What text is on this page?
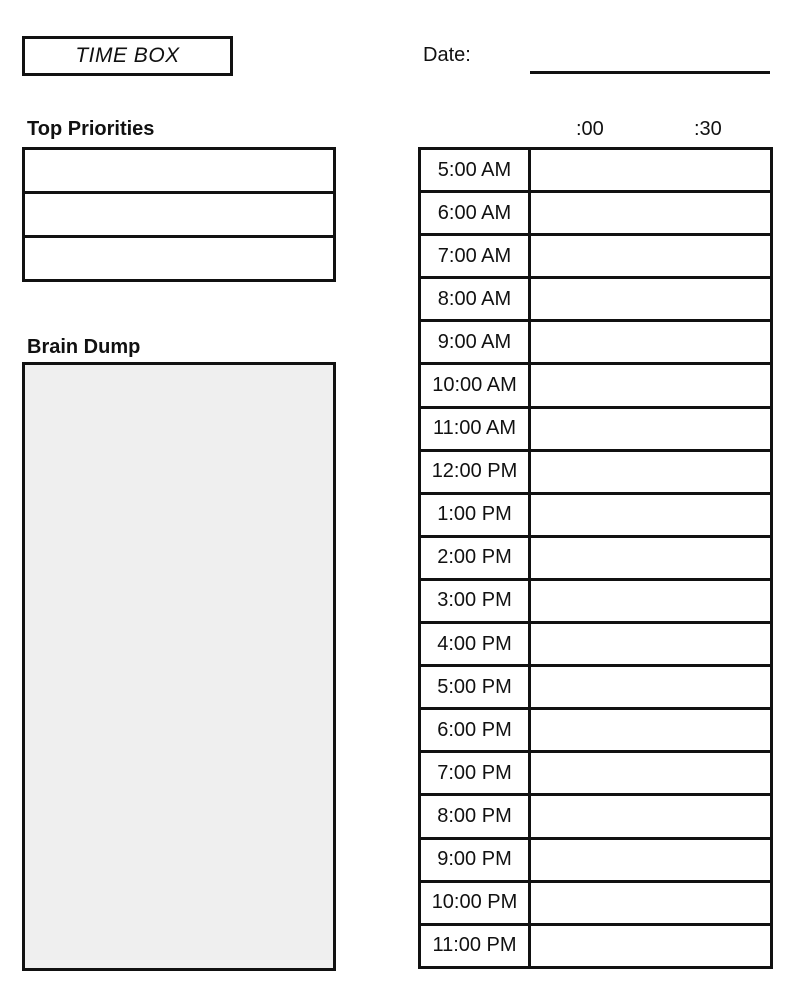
TIME BOX	Date:
Top Priorities
Brain Dump
:00	:30
5:00 AM
6:00 AM
7:00 AM
8:00 AM
9:00 AM
10:00 AM
11:00 AM
12:00 PM
1:00 PM
2:00 PM
3:00 PM
4:00 PM
5:00 PM
6:00 PM
7:00 PM
8:00 PM
9:00 PM
10:00 PM
11:00 PM
